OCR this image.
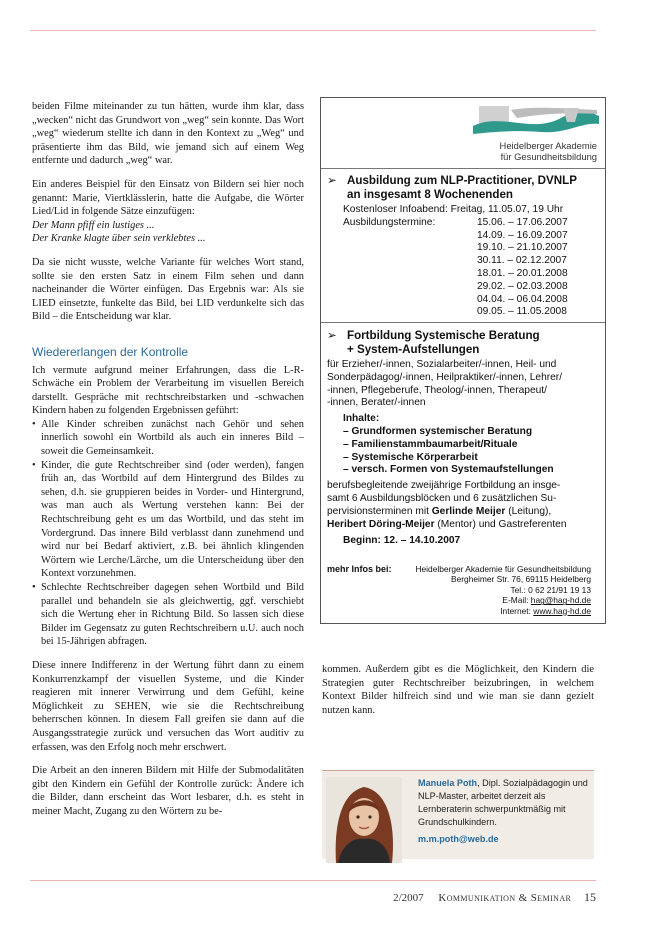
beiden Filme miteinander zu tun hätten, wurde ihm klar, dass „wecken“ nicht das Grundwort von „weg“ sein konnte. Das Wort „weg“ wiederum stellte ich dann in den Kontext zu „Weg“ und präsentierte ihm das Bild, wie jemand sich auf einem Weg entfernte und dadurch „weg“ war.

Ein anderes Beispiel für den Einsatz von Bildern sei hier noch genannt: Marie, Viertklässlerin, hatte die Aufgabe, die Wörter Lied/Lid in folgende Sätze einzufügen:

Der Mann pfiff ein lustiges ...

Der Kranke klagte über sein verklebtes ...

Da sie nicht wusste, welche Variante für welches Wort stand, sollte sie den ersten Satz in einem Film sehen und dann nacheinander die Wörter einfügen. Das Ergebnis war: Als sie LIED einsetzte, funkelte das Bild, bei LID verdunkelte sich das Bild – die Entscheidung war klar.

Wiedererlangen der Kontrolle

Ich vermute aufgrund meiner Erfahrungen, dass die L-R-Schwäche ein Problem der Verarbeitung im visuellen Bereich darstellt. Gespräche mit rechtschreibstarken und -schwachen Kindern haben zu folgenden Ergebnissen geführt:

• Alle Kinder schreiben zunächst nach Gehör und sehen innerlich sowohl ein Wortbild als auch ein inneres Bild – soweit die Gemeinsamkeit.
• Kinder, die gute Rechtschreiber sind (oder werden), fangen früh an, das Wortbild auf dem Hintergrund des Bildes zu sehen, d.h. sie gruppieren beides in Vorder- und Hintergrund, was man auch als Wertung verstehen kann: Bei der Rechtschreibung geht es um das Wortbild, und das steht im Vordergrund. Das innere Bild verblasst dann zunehmend und wird nur bei Bedarf aktiviert, z.B. bei ähnlich klingenden Wörtern wie Lerche/Lärche, um die Unterscheidung über den Kontext vorzunehmen.
• Schlechte Rechtschreiber dagegen sehen Wortbild und Bild parallel und behandeln sie als gleichwertig, ggf. verschiebt sich die Wertung eher in Richtung Bild. So lassen sich diese Bilder im Gegensatz zu guten Rechtschreibern u.U. auch noch bei 15-Jährigen abfragen.

Diese innere Indifferenz in der Wertung führt dann zu einem Konkurrenzkampf der visuellen Systeme, und die Kinder reagieren mit innerer Verwirrung und dem Gefühl, keine Möglichkeit zu SEHEN, wie sie die Rechtschreibung beherrschen können. In diesem Fall greifen sie dann auf die Ausgangsstrategie zurück und versuchen das Wort auditiv zu erfassen, was den Erfolg noch mehr erschwert.

Die Arbeit an den inneren Bildern mit Hilfe der Submodalitäten gibt den Kindern ein Gefühl der Kontrolle zurück: Ändere ich die Bilder, dann erscheint das Wort lesbarer, d.h. es steht in meiner Macht, Zugang zu den Wörtern zu be-

Heidelberger Akademie
für Gesundheitsbildung
➢ Ausbildung zum NLP-Practitioner, DVNLP
an insgesamt 8 Wochenenden
Kostenloser Infoabend: Freitag, 11.05.07, 19 Uhr
Ausbildungstermine:	15.06. – 17.06.2007
14.09. – 16.09.2007
19.10. – 21.10.2007
30.11. – 02.12.2007
18.01. – 20.01.2008
29.02. – 02.03.2008
04.04. – 06.04.2008
09.05. – 11.05.2008
➢ Fortbildung Systemische Beratung
+ System-Aufstellungen
für Erzieher/-innen, Sozialarbeiter/-innen, Heil- und
Sonderpädagog/-innen, Heilpraktiker/-innen, Lehrer/
-innen, Pflegeberufe, Theolog/-innen, Therapeut/
-innen, Berater/-innen
Inhalte:
– Grundformen systemischer Beratung
– Familienstammbaumarbeit/Rituale
– Systemische Körperarbeit
– versch. Formen von Systemaufstellungen
berufsbegleitende zweijährige Fortbildung an insge-
samt 6 Ausbildungsblöcken und 6 zusätzlichen Su-
pervisionsterminen mit Gerlinde Meijer (Leitung),
Heribert Döring-Meijer (Mentor) und Gastreferenten
Beginn: 12. – 14.10.2007
mehr Infos bei:	Heidelberger Akademie für Gesundheitsbildung
Bergheimer Str. 76, 69115 Heidelberg
Tel.: 0 62 21/91 19 13
E-Mail: hag@hag-hd.de
Internet: www.hag-hd.de

kommen. Außerdem gibt es die Möglichkeit, den Kindern die Strategien guter Rechtschreiber beizubringen, in welchem Kontext Bilder hilfreich sind und wie man sie dann gezielt nutzen kann.

Manuela Poth, Dipl. Sozialpädagogin und NLP-Master, arbeitet derzeit als Lernberaterin schwerpunktmäßig mit Grundschulkindern.
m.m.poth@web.de
2/2007 Kommunikation & Seminar 15
